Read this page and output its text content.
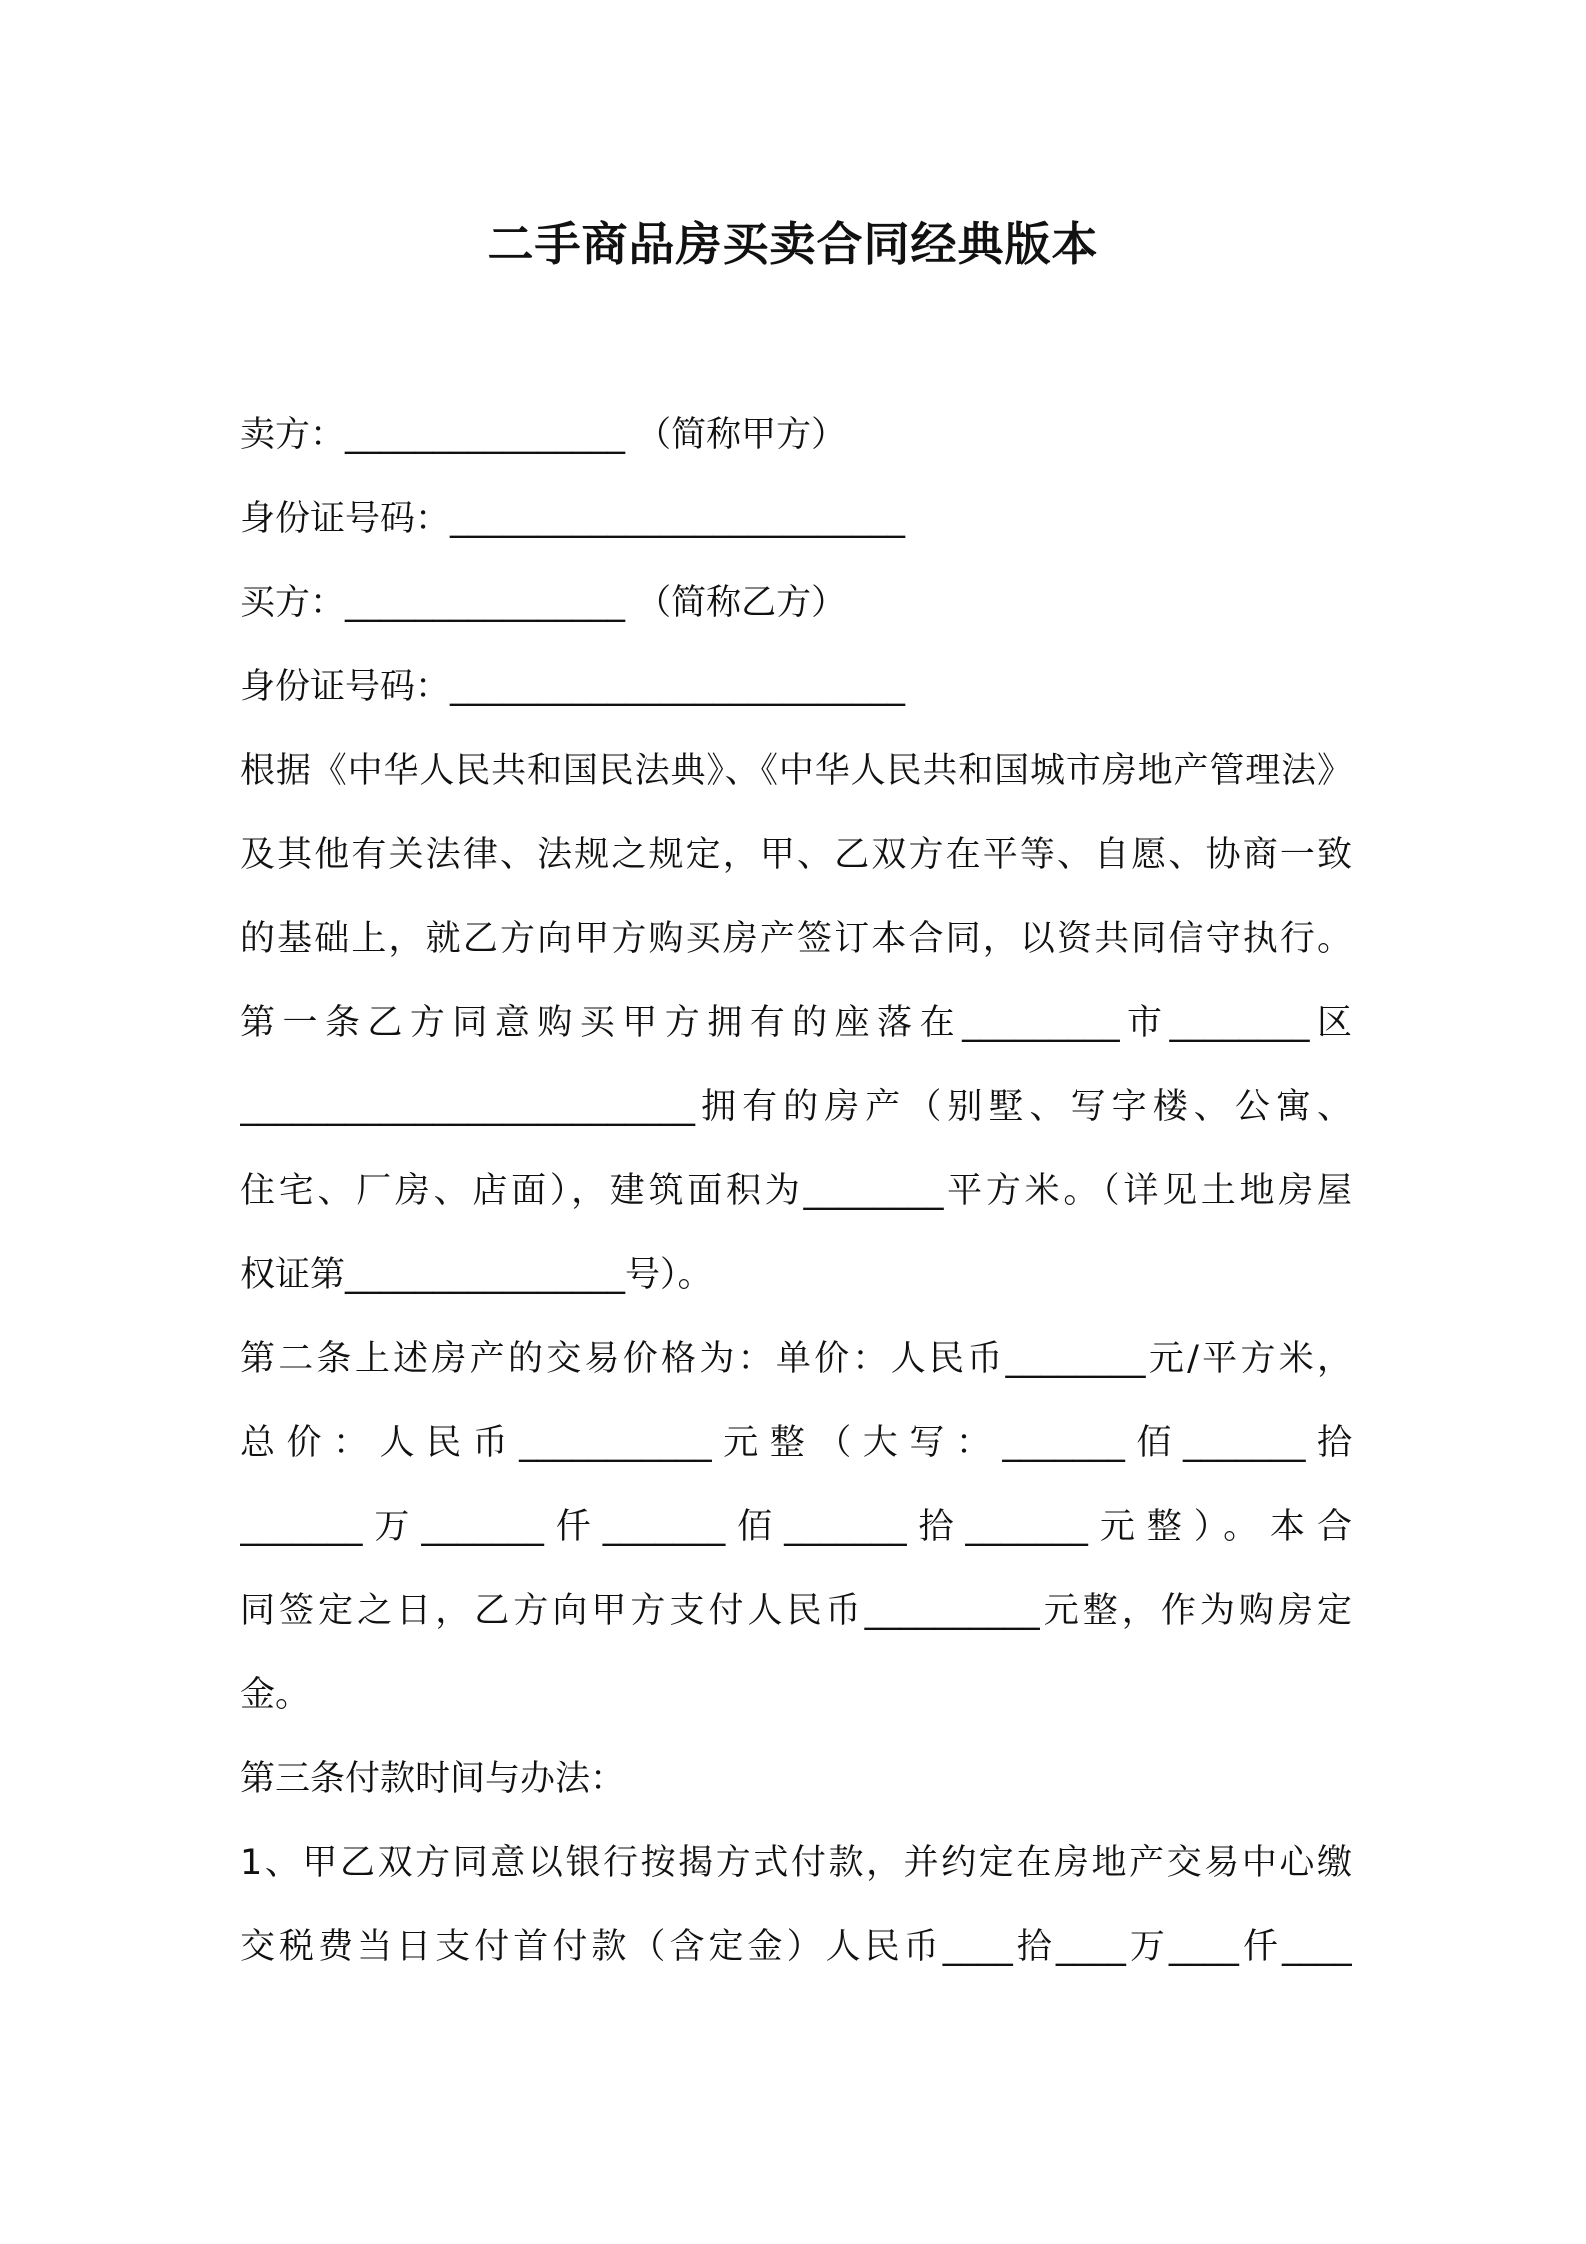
二手商品房买卖合同经典版本
卖方：________________ （简称甲方）
身份证号码：__________________________
买方：________________ （简称乙方）
身份证号码：__________________________
根据《中华人民共和国民法典》、《中华人民共和国城市房地产管理法》
及其他有关法律、法规之规定，甲、乙双方在平等、自愿、协商一致
的基础上，就乙方向甲方购买房产签订本合同，以资共同信守执行。
第一条乙方同意购买甲方拥有的座落在_________市________区
__________________________拥有的房产（别墅、写字楼、公寓、
住宅、厂房、店面），建筑面积为________平方米。（详见土地房屋
权证第________________号）。
第二条上述房产的交易价格为：单价：人民币________元/平方米，
总价：人民币___________元整（大写：_______佰_______拾
_______万_______仟_______佰_______拾_______元整）。本合
同签定之日，乙方向甲方支付人民币__________元整，作为购房定
金。
第三条付款时间与办法：
1、甲乙双方同意以银行按揭方式付款，并约定在房地产交易中心缴
交税费当日支付首付款（含定金）人民币____拾____万____仟____
